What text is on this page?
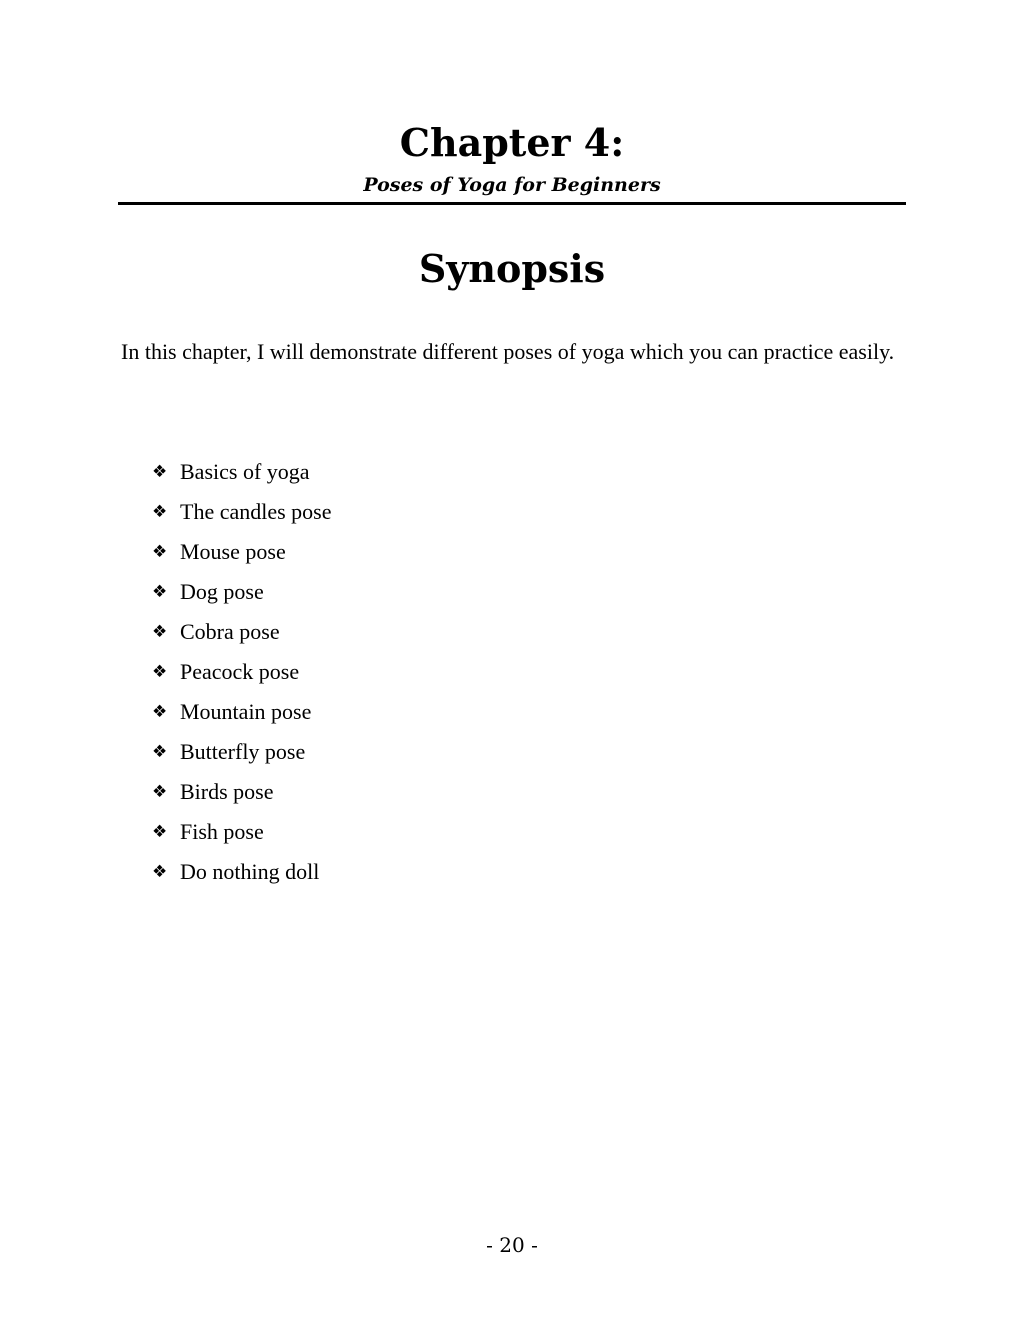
Chapter 4:

Poses of Yoga for Beginners

Synopsis

In this chapter, I will demonstrate different poses of yoga which you can practice easily.

❖ Basics of yoga
❖ The candles pose
❖ Mouse pose
❖ Dog pose
❖ Cobra pose
❖ Peacock pose
❖ Mountain pose
❖ Butterfly pose
❖ Birds pose
❖ Fish pose
❖ Do nothing doll

- 20 -
